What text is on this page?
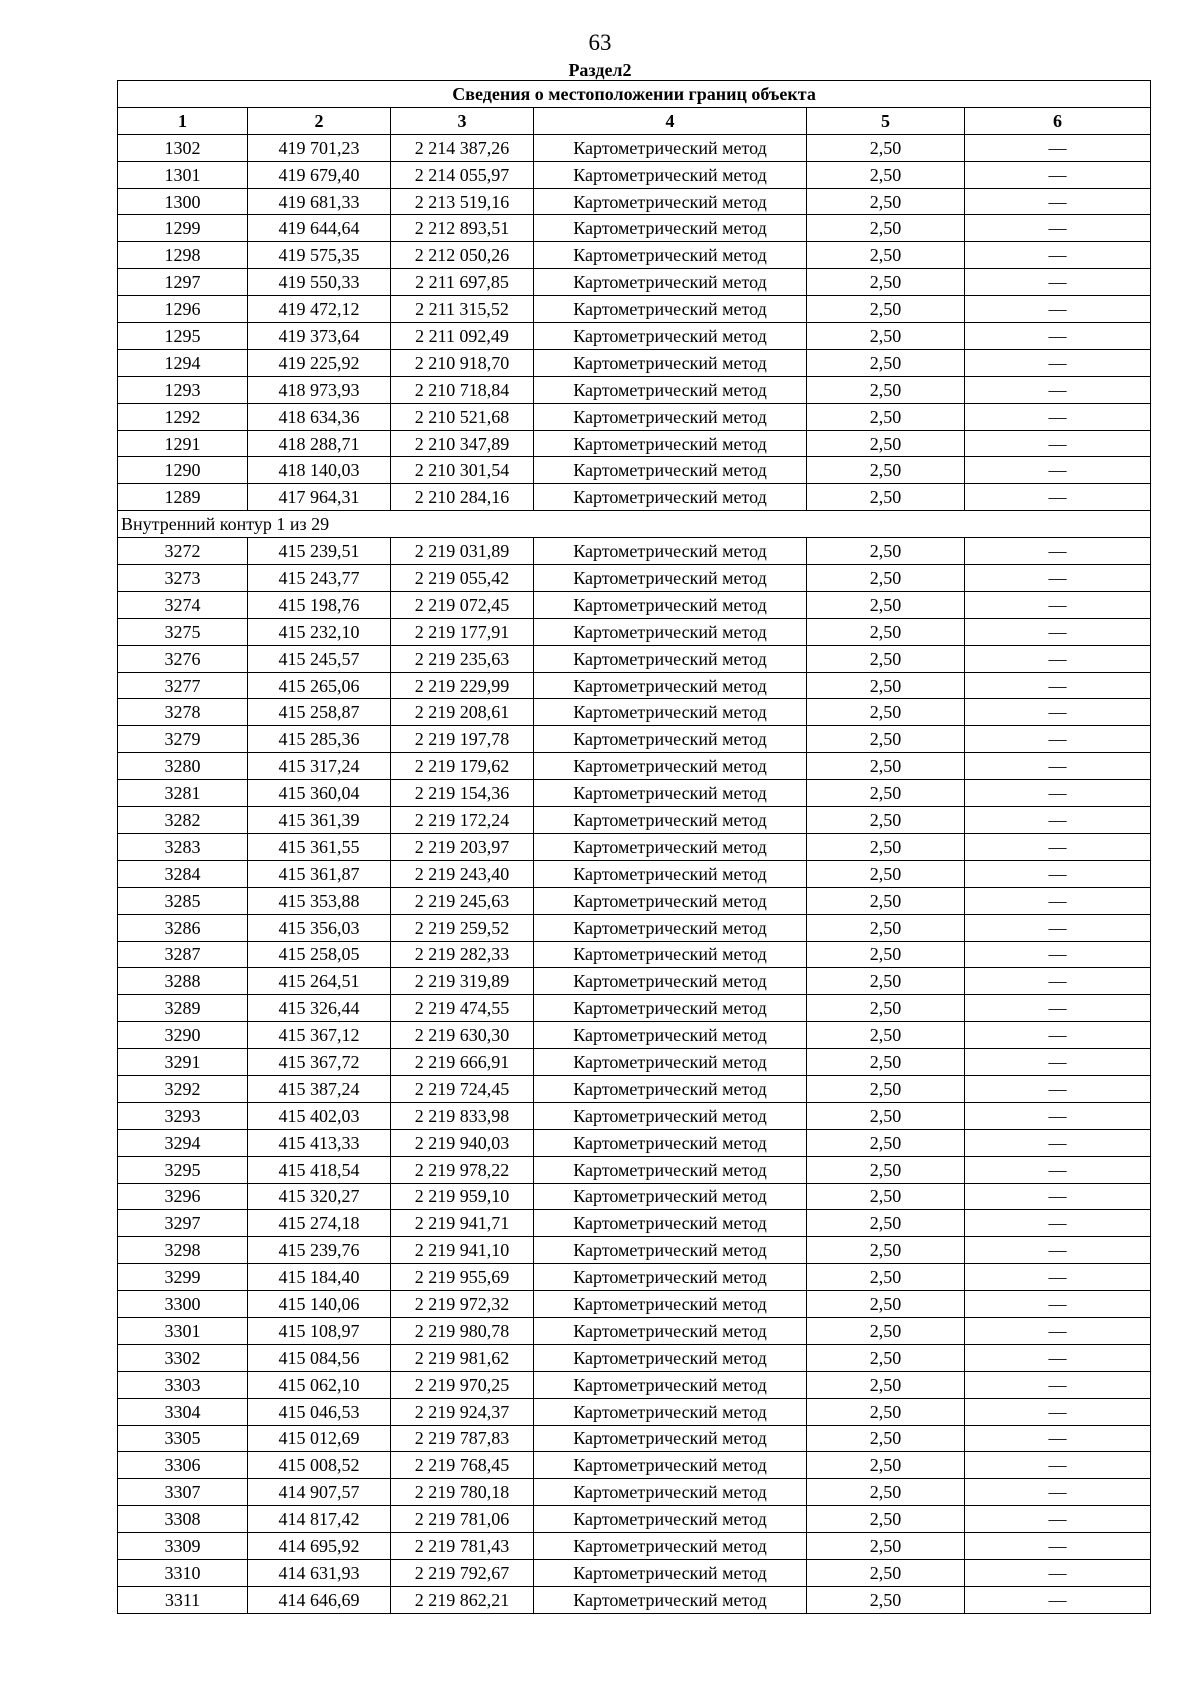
63
Раздел2
Сведения о местоположении границ объекта					
1	2	3	4	5	6
1302	419 701,23	2 214 387,26	Картометрический метод	2,50	—
1301	419 679,40	2 214 055,97	Картометрический метод	2,50	—
1300	419 681,33	2 213 519,16	Картометрический метод	2,50	—
1299	419 644,64	2 212 893,51	Картометрический метод	2,50	—
1298	419 575,35	2 212 050,26	Картометрический метод	2,50	—
1297	419 550,33	2 211 697,85	Картометрический метод	2,50	—
1296	419 472,12	2 211 315,52	Картометрический метод	2,50	—
1295	419 373,64	2 211 092,49	Картометрический метод	2,50	—
1294	419 225,92	2 210 918,70	Картометрический метод	2,50	—
1293	418 973,93	2 210 718,84	Картометрический метод	2,50	—
1292	418 634,36	2 210 521,68	Картометрический метод	2,50	—
1291	418 288,71	2 210 347,89	Картометрический метод	2,50	—
1290	418 140,03	2 210 301,54	Картометрический метод	2,50	—
1289	417 964,31	2 210 284,16	Картометрический метод	2,50	—
Внутренний контур 1 из 29					
3272	415 239,51	2 219 031,89	Картометрический метод	2,50	—
3273	415 243,77	2 219 055,42	Картометрический метод	2,50	—
3274	415 198,76	2 219 072,45	Картометрический метод	2,50	—
3275	415 232,10	2 219 177,91	Картометрический метод	2,50	—
3276	415 245,57	2 219 235,63	Картометрический метод	2,50	—
3277	415 265,06	2 219 229,99	Картометрический метод	2,50	—
3278	415 258,87	2 219 208,61	Картометрический метод	2,50	—
3279	415 285,36	2 219 197,78	Картометрический метод	2,50	—
3280	415 317,24	2 219 179,62	Картометрический метод	2,50	—
3281	415 360,04	2 219 154,36	Картометрический метод	2,50	—
3282	415 361,39	2 219 172,24	Картометрический метод	2,50	—
3283	415 361,55	2 219 203,97	Картометрический метод	2,50	—
3284	415 361,87	2 219 243,40	Картометрический метод	2,50	—
3285	415 353,88	2 219 245,63	Картометрический метод	2,50	—
3286	415 356,03	2 219 259,52	Картометрический метод	2,50	—
3287	415 258,05	2 219 282,33	Картометрический метод	2,50	—
3288	415 264,51	2 219 319,89	Картометрический метод	2,50	—
3289	415 326,44	2 219 474,55	Картометрический метод	2,50	—
3290	415 367,12	2 219 630,30	Картометрический метод	2,50	—
3291	415 367,72	2 219 666,91	Картометрический метод	2,50	—
3292	415 387,24	2 219 724,45	Картометрический метод	2,50	—
3293	415 402,03	2 219 833,98	Картометрический метод	2,50	—
3294	415 413,33	2 219 940,03	Картометрический метод	2,50	—
3295	415 418,54	2 219 978,22	Картометрический метод	2,50	—
3296	415 320,27	2 219 959,10	Картометрический метод	2,50	—
3297	415 274,18	2 219 941,71	Картометрический метод	2,50	—
3298	415 239,76	2 219 941,10	Картометрический метод	2,50	—
3299	415 184,40	2 219 955,69	Картометрический метод	2,50	—
3300	415 140,06	2 219 972,32	Картометрический метод	2,50	—
3301	415 108,97	2 219 980,78	Картометрический метод	2,50	—
3302	415 084,56	2 219 981,62	Картометрический метод	2,50	—
3303	415 062,10	2 219 970,25	Картометрический метод	2,50	—
3304	415 046,53	2 219 924,37	Картометрический метод	2,50	—
3305	415 012,69	2 219 787,83	Картометрический метод	2,50	—
3306	415 008,52	2 219 768,45	Картометрический метод	2,50	—
3307	414 907,57	2 219 780,18	Картометрический метод	2,50	—
3308	414 817,42	2 219 781,06	Картометрический метод	2,50	—
3309	414 695,92	2 219 781,43	Картометрический метод	2,50	—
3310	414 631,93	2 219 792,67	Картометрический метод	2,50	—
3311	414 646,69	2 219 862,21	Картометрический метод	2,50	—
